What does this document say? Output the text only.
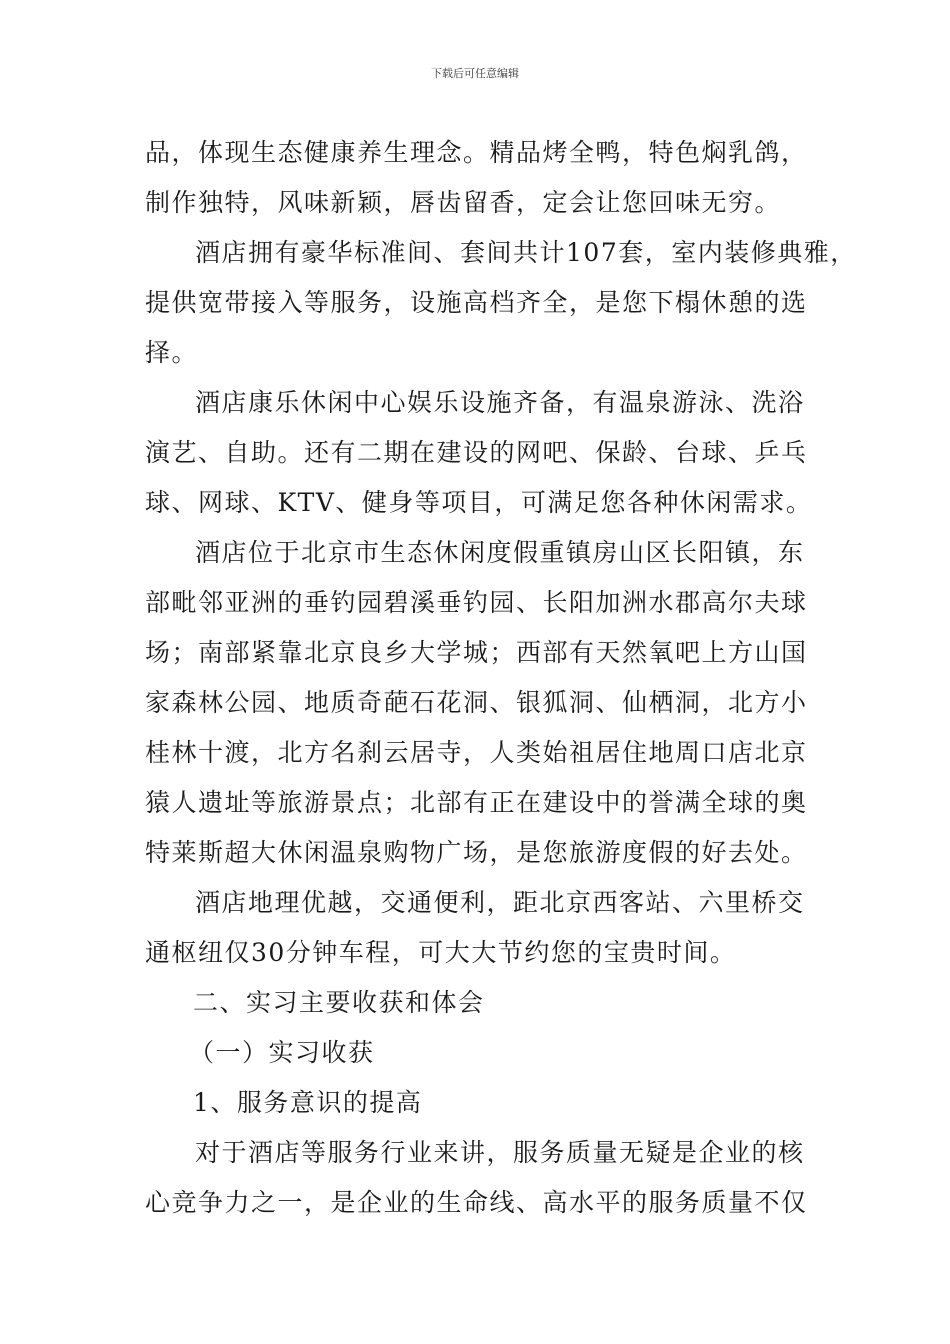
下载后可任意编辑

品，体现生态健康养生理念。精品烤全鸭，特色焖乳鸽，

制作独特，风味新颖，唇齿留香，定会让您回味无穷。

酒店拥有豪华标准间、套间共计107套，室内装修典雅，

提供宽带接入等服务，设施高档齐全，是您下榻休憩的选

择。

酒店康乐休闲中心娱乐设施齐备，有温泉游泳、洗浴

演艺、自助。还有二期在建设的网吧、保龄、台球、乒乓

球、网球、KTV、健身等项目，可满足您各种休闲需求。

酒店位于北京市生态休闲度假重镇房山区长阳镇，东

部毗邻亚洲的垂钓园碧溪垂钓园、长阳加洲水郡高尔夫球

场；南部紧靠北京良乡大学城；西部有天然氧吧上方山国

家森林公园、地质奇葩石花洞、银狐洞、仙栖洞，北方小

桂林十渡，北方名刹云居寺，人类始祖居住地周口店北京

猿人遗址等旅游景点；北部有正在建设中的誉满全球的奥

特莱斯超大休闲温泉购物广场，是您旅游度假的好去处。

酒店地理优越，交通便利，距北京西客站、六里桥交

通枢纽仅30分钟车程，可大大节约您的宝贵时间。

二、实习主要收获和体会

（一）实习收获

1、服务意识的提高

对于酒店等服务行业来讲，服务质量无疑是企业的核

心竞争力之一，是企业的生命线、高水平的服务质量不仅
